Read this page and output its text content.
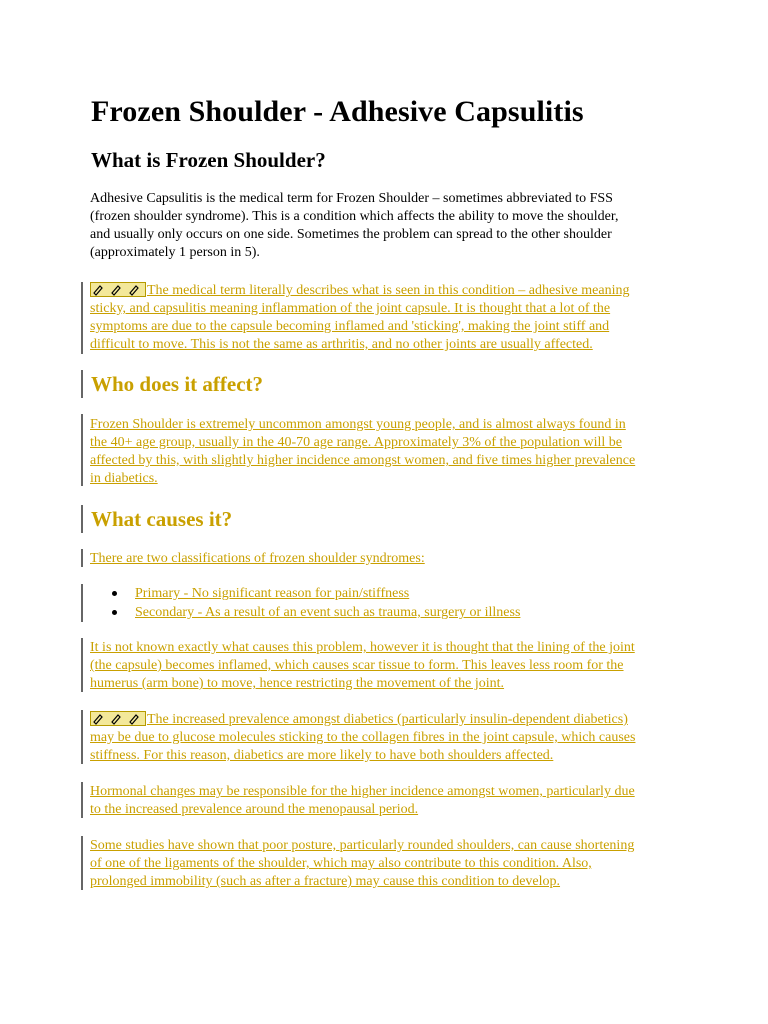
Frozen Shoulder - Adhesive Capsulitis
What is Frozen Shoulder?
Adhesive Capsulitis is the medical term for Frozen Shoulder – sometimes abbreviated to FSS
(frozen shoulder syndrome). This is a condition which affects the ability to move the shoulder,
and usually only occurs on one side. Sometimes the problem can spread to the other shoulder
(approximately 1 person in 5).
The medical term literally describes what is seen in this condition – adhesive meaning
sticky, and capsulitis meaning inflammation of the joint capsule. It is thought that a lot of the
symptoms are due to the capsule becoming inflamed and 'sticking', making the joint stiff and
difficult to move. This is not the same as arthritis, and no other joints are usually affected.
Who does it affect?
Frozen Shoulder is extremely uncommon amongst young people, and is almost always found in
the 40+ age group, usually in the 40-70 age range. Approximately 3% of the population will be
affected by this, with slightly higher incidence amongst women, and five times higher prevalence
in diabetics.
What causes it?
There are two classifications of frozen shoulder syndromes:
Primary - No significant reason for pain/stiffness
Secondary - As a result of an event such as trauma, surgery or illness
It is not known exactly what causes this problem, however it is thought that the lining of the joint
(the capsule) becomes inflamed, which causes scar tissue to form. This leaves less room for the
humerus (arm bone) to move, hence restricting the movement of the joint.
The increased prevalence amongst diabetics (particularly insulin-dependent diabetics)
may be due to glucose molecules sticking to the collagen fibres in the joint capsule, which causes
stiffness. For this reason, diabetics are more likely to have both shoulders affected.
Hormonal changes may be responsible for the higher incidence amongst women, particularly due
to the increased prevalence around the menopausal period.
Some studies have shown that poor posture, particularly rounded shoulders, can cause shortening
of one of the ligaments of the shoulder, which may also contribute to this condition. Also,
prolonged immobility (such as after a fracture) may cause this condition to develop.
